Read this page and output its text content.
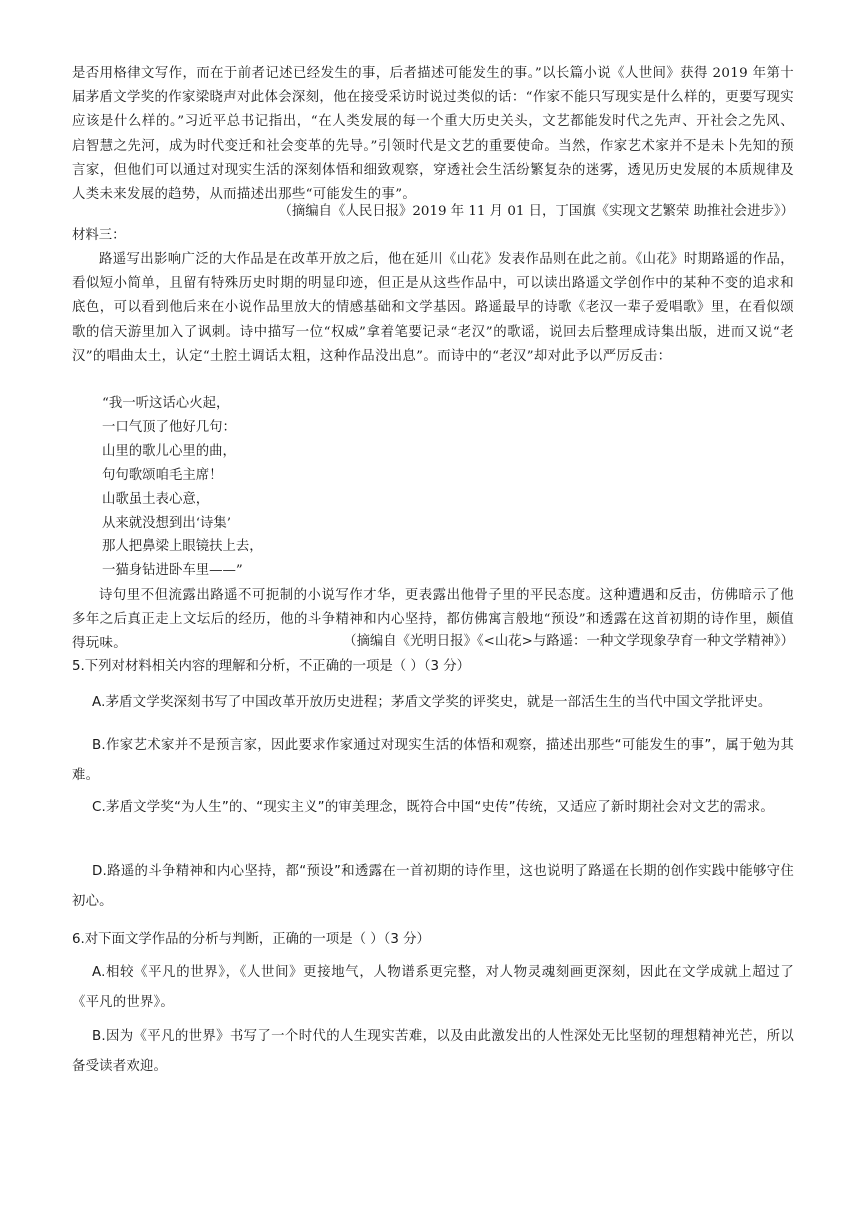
是否用格律文写作，而在于前者记述已经发生的事，后者描述可能发生的事。”以长篇小说《人世间》获得 2019 年第十届茅盾文学奖的作家梁晓声对此体会深刻，他在接受采访时说过类似的话：“作家不能只写现实是什么样的，更要写现实应该是什么样的。”习近平总书记指出，“在人类发展的每一个重大历史关头，文艺都能发时代之先声、开社会之先风、启智慧之先河，成为时代变迁和社会变革的先导。”引领时代是文艺的重要使命。当然，作家艺术家并不是未卜先知的预言家，但他们可以通过对现实生活的深刻体悟和细致观察，穿透社会生活纷繁复杂的迷雾，透见历史发展的本质规律及人类未来发展的趋势，从而描述出那些“可能发生的事”。

（摘编自《人民日报》2019 年 11 月 01 日，丁国旗《实现文艺繁荣 助推社会进步》）

材料三：

路遥写出影响广泛的大作品是在改革开放之后，他在延川《山花》发表作品则在此之前。《山花》时期路遥的作品，看似短小简单，且留有特殊历史时期的明显印迹，但正是从这些作品中，可以读出路遥文学创作中的某种不变的追求和底色，可以看到他后来在小说作品里放大的情感基础和文学基因。路遥最早的诗歌《老汉一辈子爱唱歌》里，在看似颂歌的信天游里加入了讽刺。诗中描写一位“权威”拿着笔要记录“老汉”的歌谣，说回去后整理成诗集出版，进而又说“老汉”的唱曲太土，认定“土腔土调话太粗，这种作品没出息”。而诗中的“老汉”却对此予以严厉反击：

“我一听这话心火起，
一口气顶了他好几句：
山里的歌儿心里的曲，
句句歌颂咱毛主席！
山歌虽土表心意，
从来就没想到出‘诗集’
那人把鼻梁上眼镜扶上去，
一猫身钻进卧车里——”

诗句里不但流露出路遥不可扼制的小说写作才华，更表露出他骨子里的平民态度。这种遭遇和反击，仿佛暗示了他多年之后真正走上文坛后的经历，他的斗争精神和内心坚持，都仿佛寓言般地“预设”和透露在这首初期的诗作里，颇值得玩味。	（摘编自《光明日报》《<山花>与路遥：一种文学现象孕育一种文学精神》）

5.下列对材料相关内容的理解和分析，不正确的一项是（ ）（3 分）

A.茅盾文学奖深刻书写了中国改革开放历史进程；茅盾文学奖的评奖史，就是一部活生生的当代中国文学批评史。

B.作家艺术家并不是预言家，因此要求作家通过对现实生活的体悟和观察，描述出那些“可能发生的事”，属于勉为其难。

C.茅盾文学奖“为人生”的、“现实主义”的审美理念，既符合中国“史传”传统，又适应了新时期社会对文艺的需求。

D.路遥的斗争精神和内心坚持，都“预设”和透露在一首初期的诗作里，这也说明了路遥在长期的创作实践中能够守住初心。

6.对下面文学作品的分析与判断，正确的一项是（ ）（3 分）

A.相较《平凡的世界》，《人世间》更接地气，人物谱系更完整，对人物灵魂刻画更深刻，因此在文学成就上超过了《平凡的世界》。

B.因为《平凡的世界》书写了一个时代的人生现实苦难，以及由此激发出的人性深处无比坚韧的理想精神光芒，所以备受读者欢迎。
